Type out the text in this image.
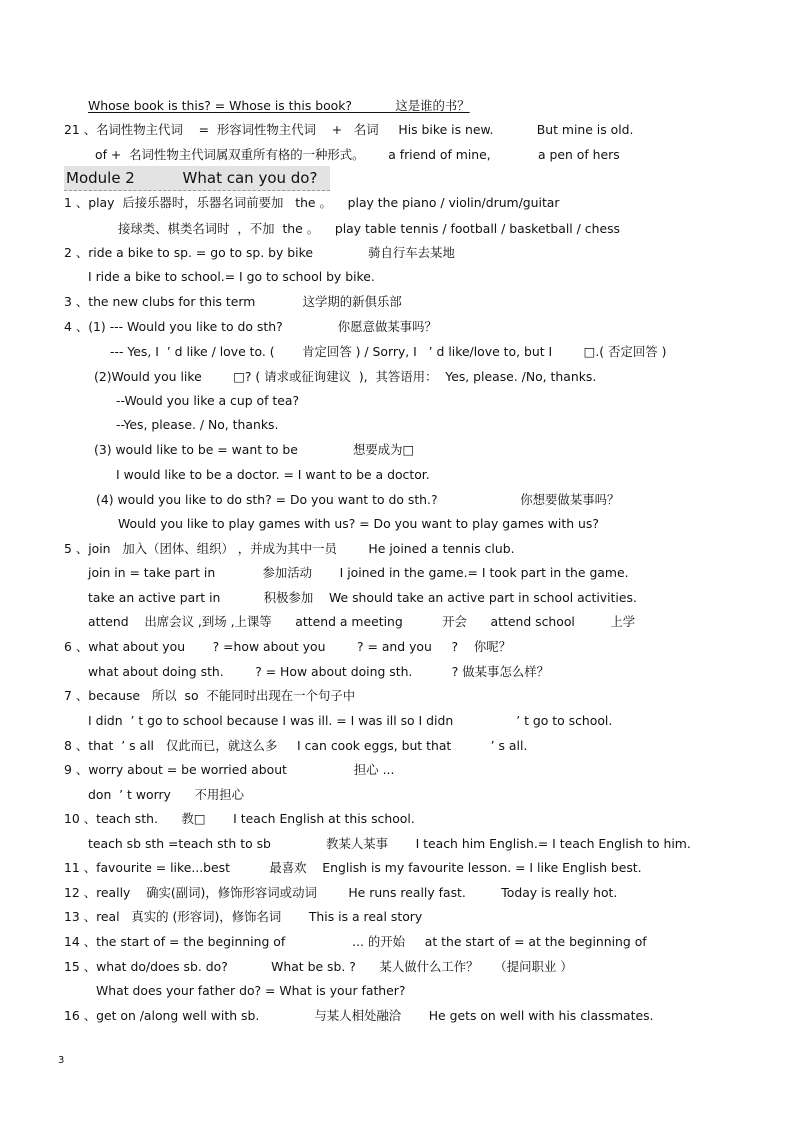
Whose book is this? = Whose is this book?           这是谁的书？
21 、名词性物主代词    =  形容词性物主代词    +   名词     His bike is new.           But mine is old.
of +  名词性物主代词属双重所有格的一种形式。      a friend of mine,            a pen of hers
Module 2	What can you do?
1 、play  后接乐器时，乐器名词前要加   the 。    play the piano / violin/drum/guitar
接球类、棋类名词时  ，不加  the 。    play table tennis / football / basketball / chess
2 、ride a bike to sp. = go to sp. by bike              骑自行车去某地
I ride a bike to school.= I go to school by bike.
3 、the new clubs for this term            这学期的新俱乐部
4 、(1) --- Would you like to do sth?              你愿意做某事吗？
--- Yes, I  ’ d like / love to. (       肯定回答 ) / Sorry, I   ’ d like/love to, but I        □.( 否定回答 )
(2)Would you like        □? ( 请求或征询建议  ),  其答语用：  Yes, please. /No, thanks.
--Would you like a cup of tea?
--Yes, please. / No, thanks.
(3) would like to be = want to be              想要成为□
I would like to be a doctor. = I want to be a doctor.
(4) would you like to do sth? = Do you want to do sth.?                     你想要做某事吗？
Would you like to play games with us? = Do you want to play games with us?
5 、join   加入（团体、组织） ，并成为其中一员        He joined a tennis club.
join in = take part in            参加活动       I joined in the game.= I took part in the game.
take an active part in           积极参加    We should take an active part in school activities.
attend    出席会议 ,到场 ,上课等      attend a meeting          开会      attend school         上学
6 、what about you       ? =how about you        ? = and you     ?    你呢？
what about doing sth.        ? = How about doing sth.          ? 做某事怎么样？
7 、because   所以  so  不能同时出现在一个句子中
I didn  ’ t go to school because I was ill. = I was ill so I didn                ’ t go to school.
8 、that  ’ s all   仅此而已，就这么多     I can cook eggs, but that          ’ s all.
9 、worry about = be worried about                 担心 ...
don  ’ t worry      不用担心
10 、teach sth.      教□       I teach English at this school.
teach sb sth =teach sth to sb              教某人某事       I teach him English.= I teach English to him.
11 、favourite = like...best          最喜欢    English is my favourite lesson. = I like English best.
12 、really    确实(副词)，修饰形容词或动词        He runs really fast.         Today is really hot.
13 、real   真实的 (形容词)，修饰名词       This is a real story
14 、the start of = the beginning of                 ... 的开始     at the start of = at the beginning of
15 、what do/does sb. do?           What be sb. ?      某人做什么工作？    （提问职业 ）
What does your father do? = What is your father?
16 、get on /along well with sb.              与某人相处融洽       He gets on well with his classmates.
3
